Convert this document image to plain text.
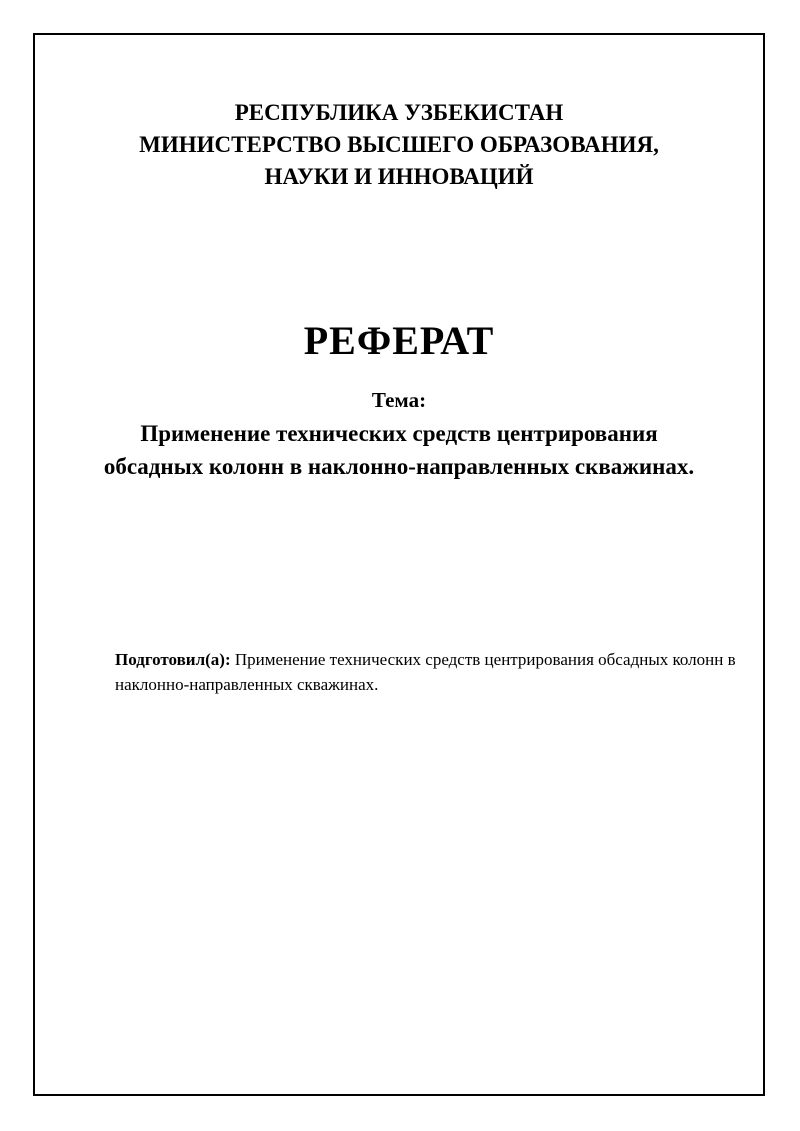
РЕСПУБЛИКА УЗБЕКИСТАН
МИНИСТЕРСТВО ВЫСШЕГО ОБРАЗОВАНИЯ,
НАУКИ И ИННОВАЦИЙ
РЕФЕРАТ
Тема:
Применение технических средств центрирования
обсадных колонн в наклонно-направленных скважинах.
Подготовил(а): Применение технических средств центрирования обсадных колонн в наклонно-направленных скважинах.
